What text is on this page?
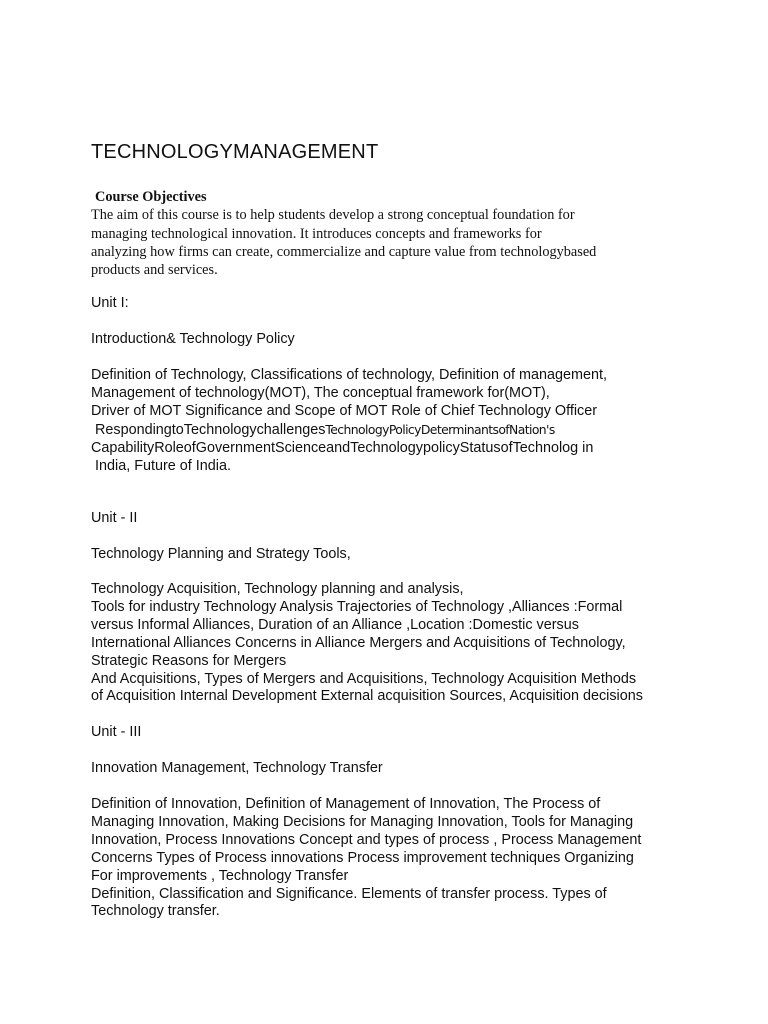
TECHNOLOGYMANAGEMENT
Course Objectives
The aim of this course is to help students develop a strong conceptual foundation for
managing technological innovation. It introduces concepts and frameworks for
analyzing how firms can create, commercialize and capture value from technologybased
products and services.
Unit I:
Introduction& Technology Policy
Definition of Technology, Classifications of technology, Definition of management,
Management of technology(MOT), The conceptual framework for(MOT),
Driver of MOT Significance and Scope of MOT Role of Chief Technology Officer
RespondingtoTechnologychallengesTechnologyPolicyDeterminantsofNation's
CapabilityRoleofGovernmentScienceandTechnologypolicyStatusofTechnolog in
India, Future of India.
Unit - II
Technology Planning and Strategy Tools,
Technology Acquisition, Technology planning and analysis,
Tools for industry Technology Analysis Trajectories of Technology ,Alliances :Formal
versus Informal Alliances, Duration of an Alliance ,Location :Domestic versus
International Alliances Concerns in Alliance Mergers and Acquisitions of Technology,
Strategic Reasons for Mergers
And Acquisitions, Types of Mergers and Acquisitions, Technology Acquisition Methods
of Acquisition Internal Development External acquisition Sources, Acquisition decisions
Unit - III
Innovation Management, Technology Transfer
Definition of Innovation, Definition of Management of Innovation, The Process of
Managing Innovation, Making Decisions for Managing Innovation, Tools for Managing
Innovation, Process Innovations Concept and types of process , Process Management
Concerns Types of Process innovations Process improvement techniques Organizing
For improvements , Technology Transfer
Definition, Classification and Significance. Elements of transfer process. Types of
Technology transfer.
